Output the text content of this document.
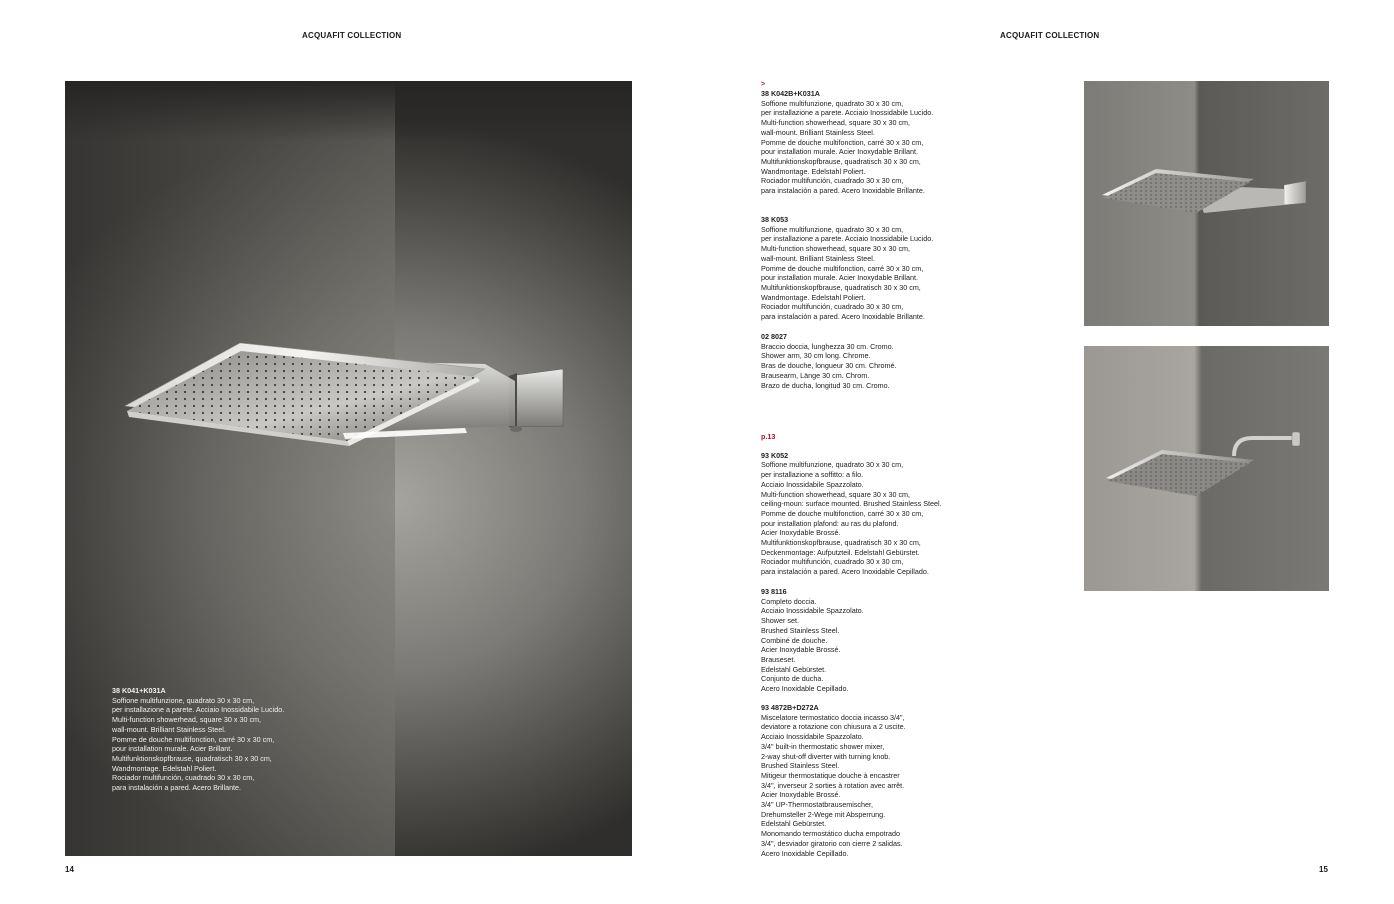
ACQUAFIT COLLECTION	ACQUAFIT COLLECTION
38 K041+K031A
Soffione multifunzione, quadrato 30 x 30 cm,
per installazione a parete. Acciaio Inossidabile Lucido.
Multi-function showerhead, square 30 x 30 cm,
wall-mount. Brilliant Stainless Steel.
Pomme de douche multifonction, carré 30 x 30 cm,
pour installation murale. Acier Brillant.
Multifunktionskopfbrause, quadratisch 30 x 30 cm,
Wandmontage. Edelstahl Poliert.
Rociador multifunción, cuadrado 30 x 30 cm,
para instalación a pared. Acero Brillante.
>
38 K042B+K031A
Soffione multifunzione, quadrato 30 x 30 cm,
per installazione a parete. Acciaio Inossidabile Lucido.
Multi-function showerhead, square 30 x 30 cm,
wall-mount. Brilliant Stainless Steel.
Pomme de douche multifonction, carré 30 x 30 cm,
pour installation murale. Acier Inoxydable Brillant.
Multifunktionskopfbrause, quadratisch 30 x 30 cm,
Wandmontage. Edelstahl Poliert.
Rociador multifunción, cuadrado 30 x 30 cm,
para instalación a pared. Acero Inoxidable Brillante.
38 K053
Soffione multifunzione, quadrato 30 x 30 cm,
per installazione a parete. Acciaio Inossidabile Lucido.
Multi-function showerhead, square 30 x 30 cm,
wall-mount. Brilliant Stainless Steel.
Pomme de douche multifonction, carré 30 x 30 cm,
pour installation murale. Acier Inoxydable Brillant.
Multifunktionskopfbrause, quadratisch 30 x 30 cm,
Wandmontage. Edelstahl Poliert.
Rociador multifunción, cuadrado 30 x 30 cm,
para instalación a pared. Acero Inoxidable Brillante.
02 8027
Braccio doccia, lunghezza 30 cm. Cromo.
Shower arm, 30 cm long. Chrome.
Bras de douche, longueur 30 cm. Chromé.
Brausearm, Länge 30 cm. Chrom.
Brazo de ducha, longitud 30 cm. Cromo.
p.13
93 K052
Soffione multifunzione, quadrato 30 x 30 cm,
per installazione a soffitto: a filo.
Acciaio Inossidabile Spazzolato.
Multi-function showerhead, square 30 x 30 cm,
ceiling-moun: surface mounted. Brushed Stainless Steel.
Pomme de douche multifonction, carré 30 x 30 cm,
pour installation plafond: au ras du plafond.
Acier Inoxydable Brossé.
Multifunktionskopfbrause, quadratisch 30 x 30 cm,
Deckenmontage: Aufputzteil. Edelstahl Gebürstet.
Rociador multifunción, cuadrado 30 x 30 cm,
para instalación a pared. Acero Inoxidable Cepillado.
93 8116
Completo doccia.
Acciaio Inossidabile Spazzolato.
Shower set.
Brushed Stainless Steel.
Combiné de douche.
Acier Inoxydable Brossé.
Brauseset.
Edelstahl Gebürstet.
Conjunto de ducha.
Acero Inoxidable Cepillado.
93 4872B+D272A
Miscelatore termostatico doccia incasso 3/4",
deviatore a rotazione con chiusura a 2 uscite.
Acciaio Inossidabile Spazzolato.
3/4" built-in thermostatic shower mixer,
2-way shut-off diverter with turning knob.
Brushed Stainless Steel.
Mitigeur thermostatique douche à encastrer
3/4", inverseur 2 sorties à rotation avec arrêt.
Acier Inoxydable Brossé.
3/4" UP-Thermostatbrausemischer,
Drehumsteller 2-Wege mit Absperrung.
Edelstahl Gebürstet.
Monomando termostático ducha empotrado
3/4", desviador giratorio con cierre 2 salidas.
Acero Inoxidable Cepillado.
14	15
